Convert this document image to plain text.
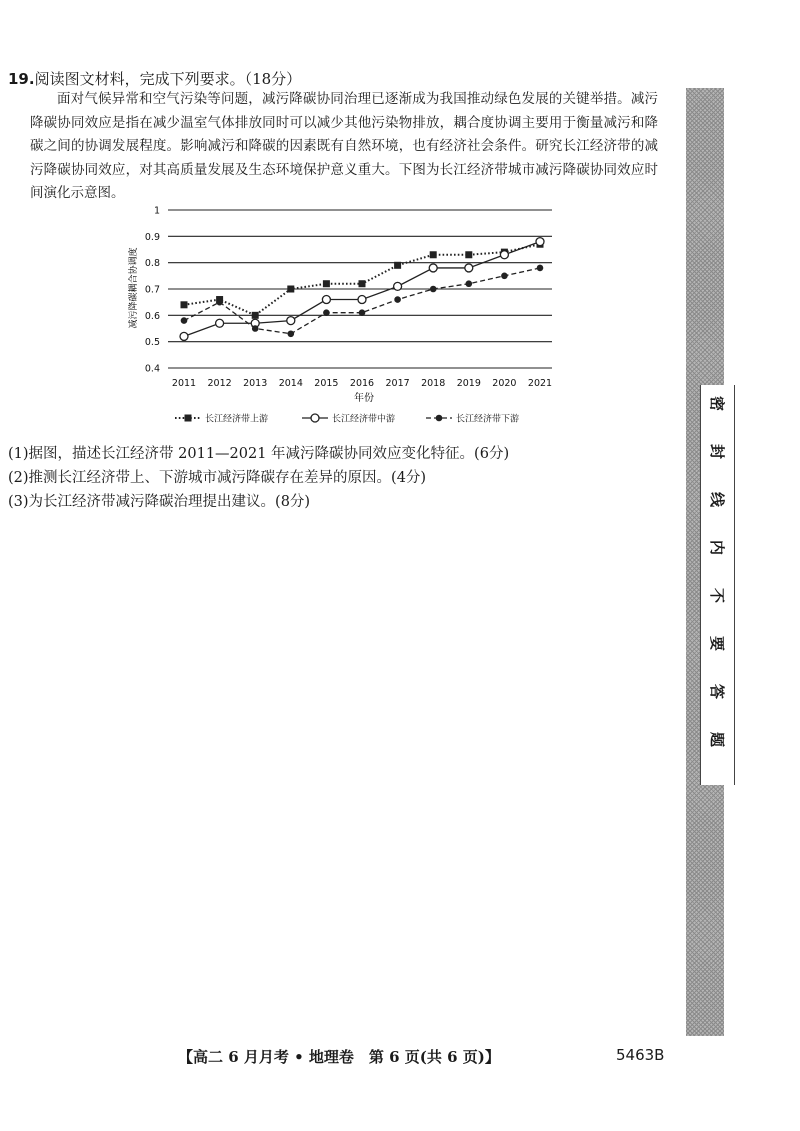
19.阅读图文材料，完成下列要求。（18分）

面对气候异常和空气污染等问题，减污降碳协同治理已逐渐成为我国推动绿色发展的关键举措。减污降碳协同效应是指在减少温室气体排放同时可以减少其他污染物排放，耦合度协调主要用于衡量减污和降碳之间的协调发展程度。影响减污和降碳的因素既有自然环境，也有经济社会条件。研究长江经济带的减污降碳协同效应，对其高质量发展及生态环境保护意义重大。下图为长江经济带城市减污降碳协同效应时间演化示意图。

0.4
0.5
0.6
0.7
0.8
0.9
1
2011 2012 2013 2014 2015 2016 2017 2018 2019 2020 2021
减污降碳耦合协调度
年份
长江经济带上游	长江经济带中游	长江经济带下游
(1)据图，描述长江经济带 2011—2021 年减污降碳协同效应变化特征。(6分)
(2)推测长江经济带上、下游城市减污降碳存在差异的原因。(4分)
(3)为长江经济带减污降碳治理提出建议。(8分)
密
封
线
内
不
要
答
题
【高二 6 月月考 • 地理卷　第 6 页(共 6 页)】	5463B
